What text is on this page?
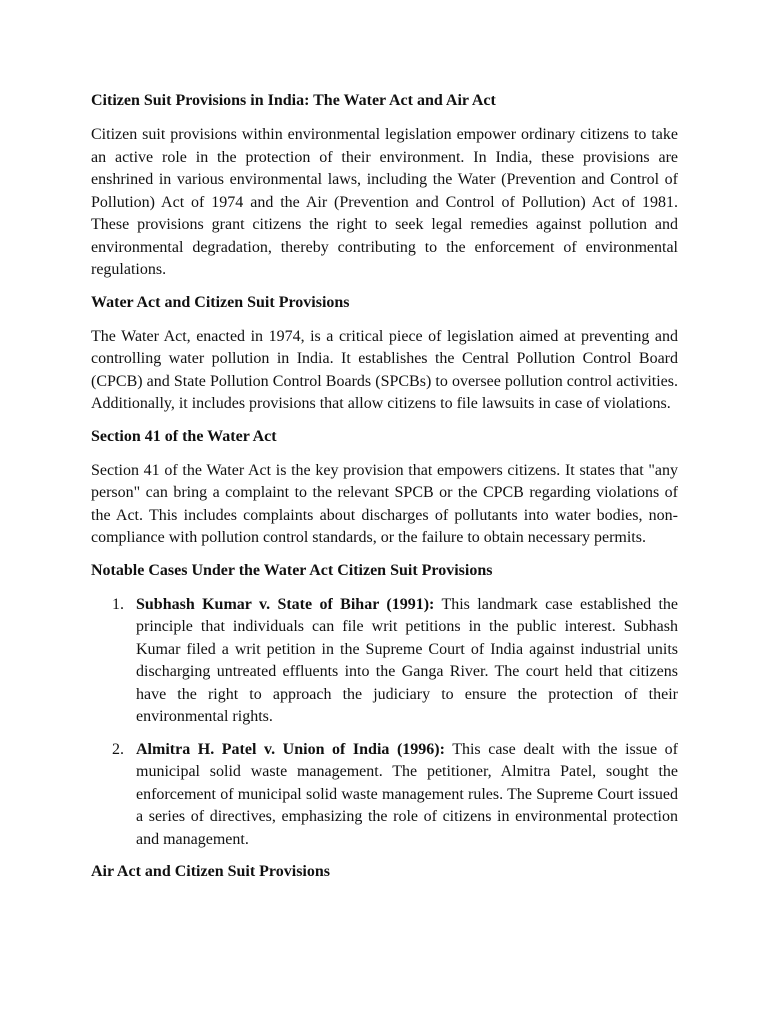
Citizen Suit Provisions in India: The Water Act and Air Act

Citizen suit provisions within environmental legislation empower ordinary citizens to take an active role in the protection of their environment. In India, these provisions are enshrined in various environmental laws, including the Water (Prevention and Control of Pollution) Act of 1974 and the Air (Prevention and Control of Pollution) Act of 1981. These provisions grant citizens the right to seek legal remedies against pollution and environmental degradation, thereby contributing to the enforcement of environmental regulations.

Water Act and Citizen Suit Provisions

The Water Act, enacted in 1974, is a critical piece of legislation aimed at preventing and controlling water pollution in India. It establishes the Central Pollution Control Board (CPCB) and State Pollution Control Boards (SPCBs) to oversee pollution control activities. Additionally, it includes provisions that allow citizens to file lawsuits in case of violations.

Section 41 of the Water Act

Section 41 of the Water Act is the key provision that empowers citizens. It states that "any person" can bring a complaint to the relevant SPCB or the CPCB regarding violations of the Act. This includes complaints about discharges of pollutants into water bodies, non-compliance with pollution control standards, or the failure to obtain necessary permits.

Notable Cases Under the Water Act Citizen Suit Provisions
1. Subhash Kumar v. State of Bihar (1991): This landmark case established the principle that individuals can file writ petitions in the public interest. Subhash Kumar filed a writ petition in the Supreme Court of India against industrial units discharging untreated effluents into the Ganga River. The court held that citizens have the right to approach the judiciary to ensure the protection of their environmental rights.
2. Almitra H. Patel v. Union of India (1996): This case dealt with the issue of municipal solid waste management. The petitioner, Almitra Patel, sought the enforcement of municipal solid waste management rules. The Supreme Court issued a series of directives, emphasizing the role of citizens in environmental protection and management.
Air Act and Citizen Suit Provisions
